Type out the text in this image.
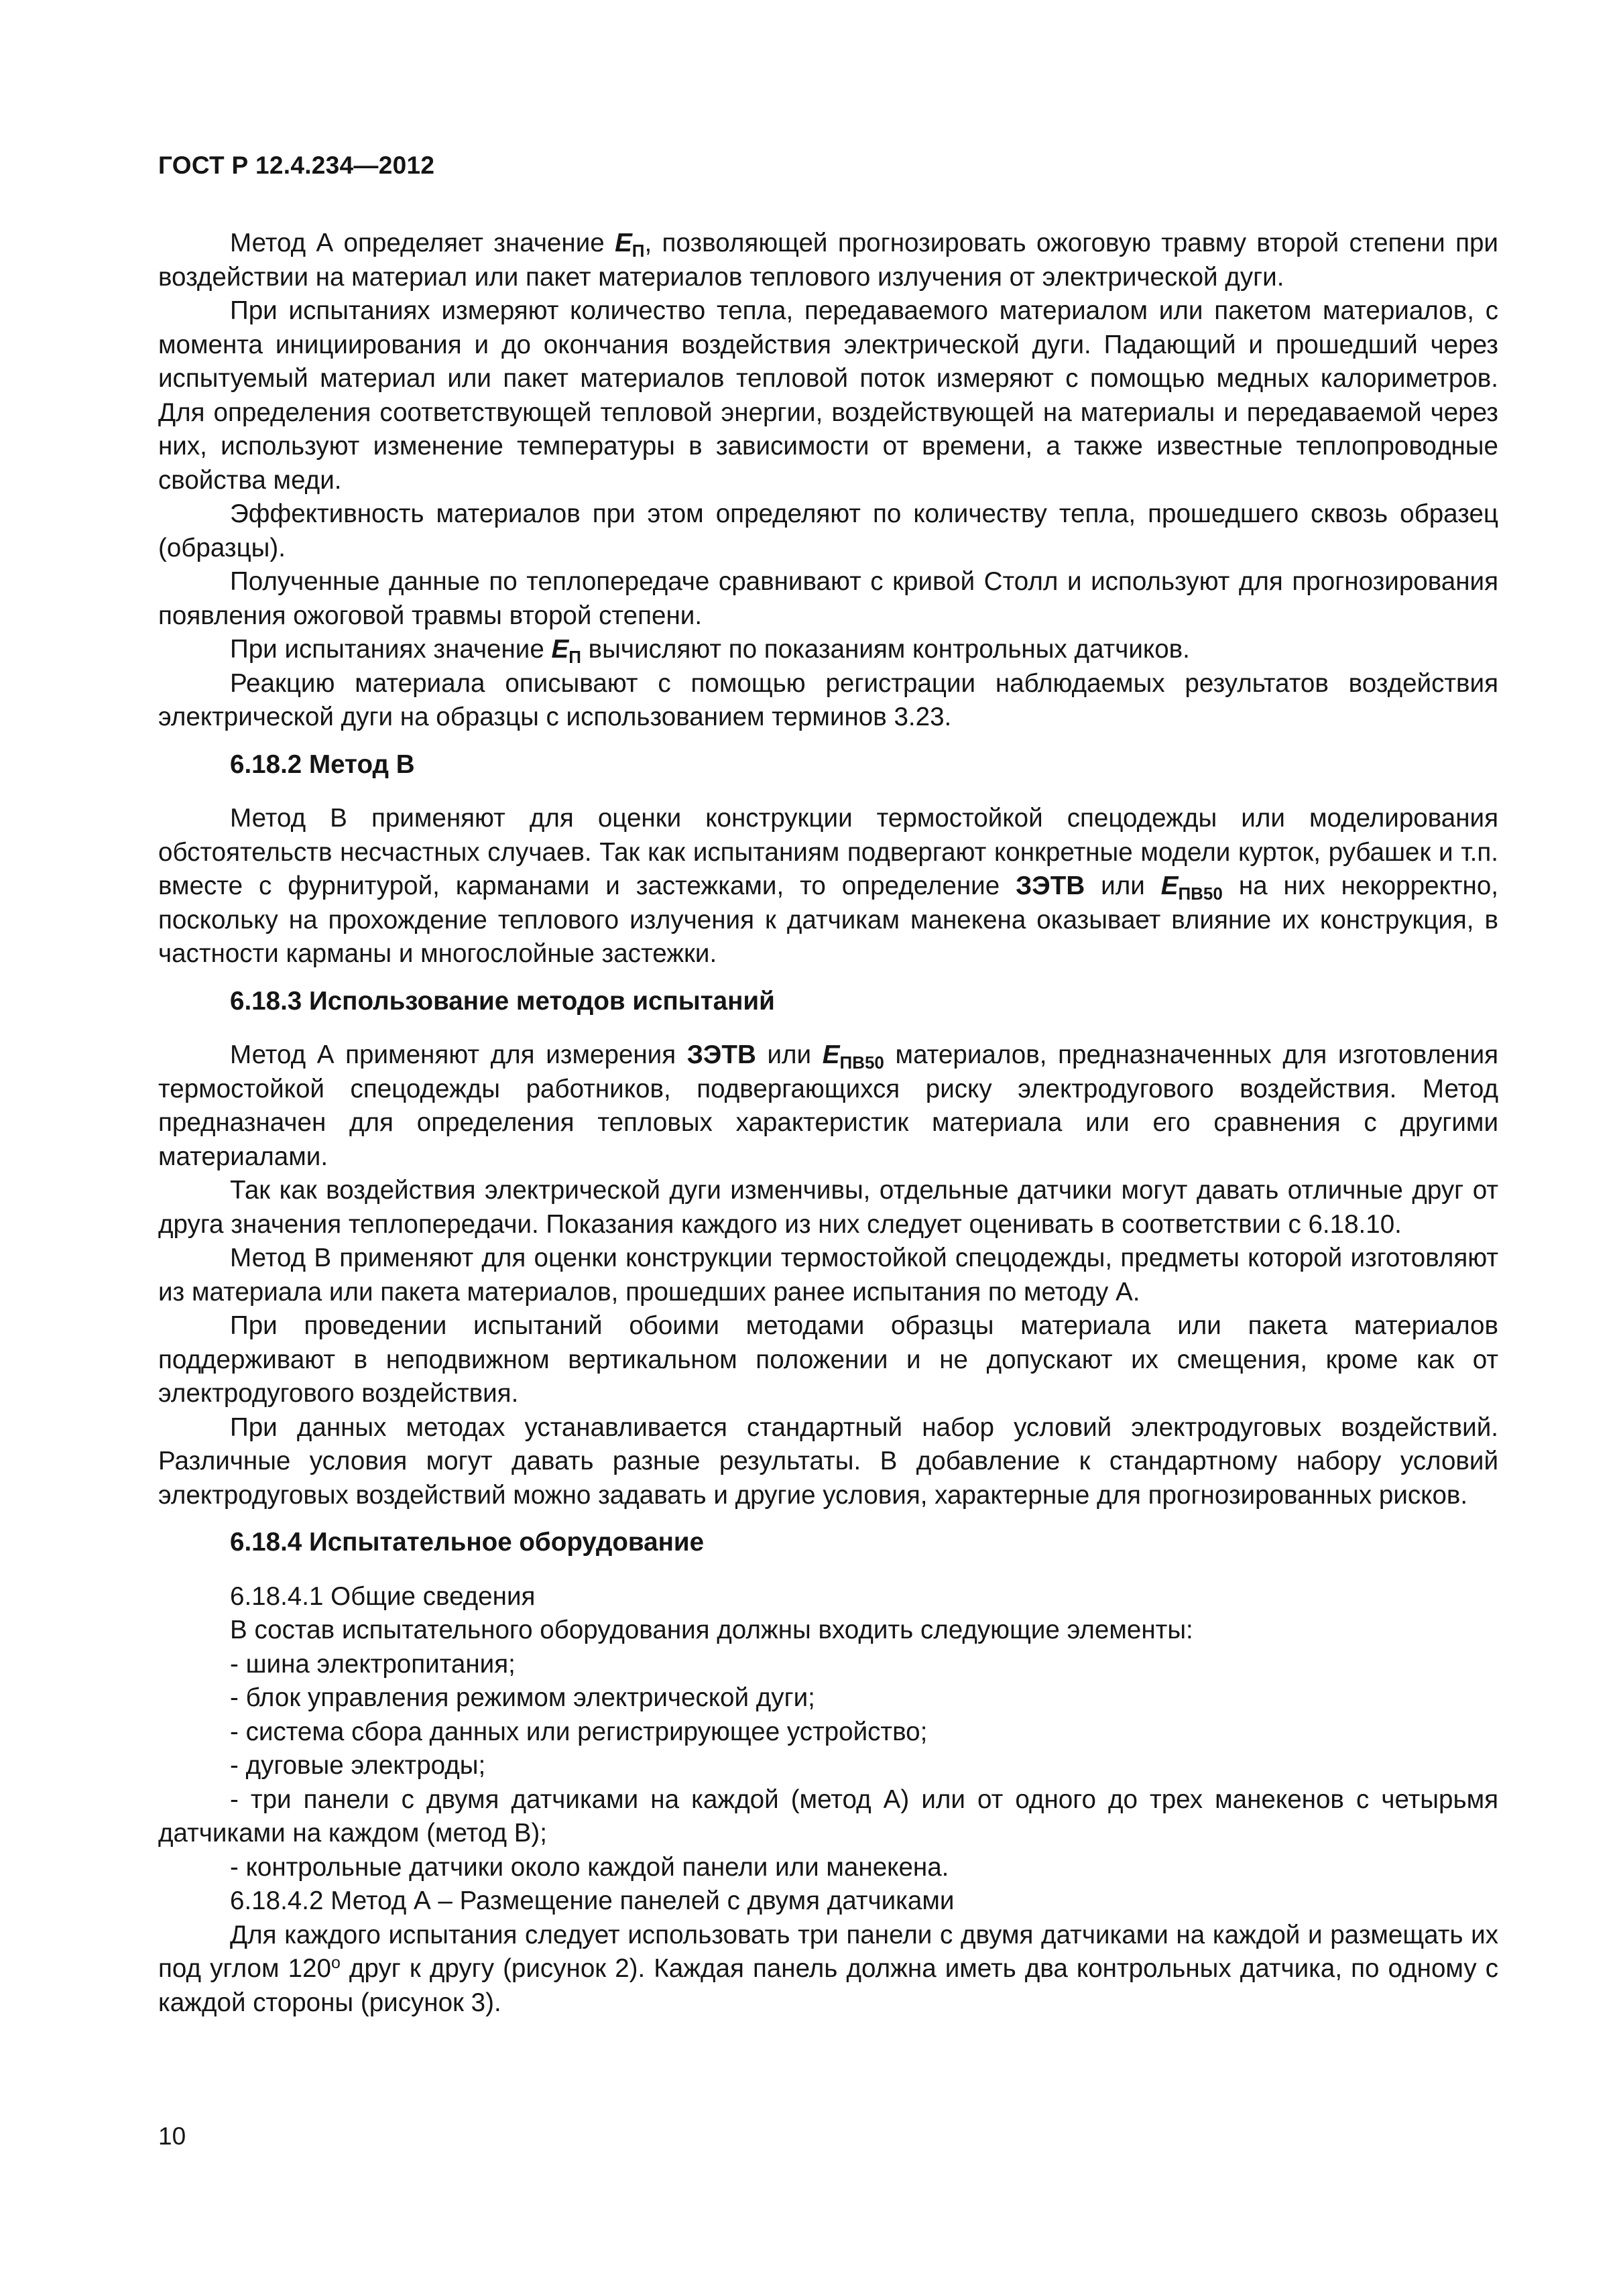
ГОСТ Р 12.4.234—2012

Метод А определяет значение $E_П$, позволяющей прогнозировать ожоговую травму второй степени при воздействии на материал или пакет материалов теплового излучения от электрической дуги.

При испытаниях измеряют количество тепла, передаваемого материалом или пакетом материалов, с момента инициирования и до окончания воздействия электрической дуги. Падающий и прошедший через испытуемый материал или пакет материалов тепловой поток измеряют с помощью медных калориметров. Для определения соответствующей тепловой энергии, воздействующей на материалы и передаваемой через них, используют изменение температуры в зависимости от времени, а также известные теплопроводные свойства меди.

Эффективность материалов при этом определяют по количеству тепла, прошедшего сквозь образец (образцы).

Полученные данные по теплопередаче сравнивают с кривой Столл и используют для прогнозирования появления ожоговой травмы второй степени.

При испытаниях значение $E_П$ вычисляют по показаниям контрольных датчиков.

Реакцию материала описывают с помощью регистрации наблюдаемых результатов воздействия электрической дуги на образцы с использованием терминов 3.23.

6.18.2 Метод В

Метод В применяют для оценки конструкции термостойкой спецодежды или моделирования обстоятельств несчастных случаев. Так как испытаниям подвергают конкретные модели курток, рубашек и т.п. вместе с фурнитурой, карманами и застежками, то определение ЗЭТВ или $E_{ПВ50}$ на них некорректно, поскольку на прохождение теплового излучения к датчикам манекена оказывает влияние их конструкция, в частности карманы и многослойные застежки.

6.18.3 Использование методов испытаний

Метод А применяют для измерения ЗЭТВ или $E_{ПВ50}$ материалов, предназначенных для изготовления термостойкой спецодежды работников, подвергающихся риску электродугового воздействия. Метод предназначен для определения тепловых характеристик материала или его сравнения с другими материалами.

Так как воздействия электрической дуги изменчивы, отдельные датчики могут давать отличные друг от друга значения теплопередачи. Показания каждого из них следует оценивать в соответствии с 6.18.10.

Метод В применяют для оценки конструкции термостойкой спецодежды, предметы которой изготовляют из материала или пакета материалов, прошедших ранее испытания по методу А.

При проведении испытаний обоими методами образцы материала или пакета материалов поддерживают в неподвижном вертикальном положении и не допускают их смещения, кроме как от электродугового воздействия.

При данных методах устанавливается стандартный набор условий электродуговых воздействий. Различные условия могут давать разные результаты. В добавление к стандартному набору условий электродуговых воздействий можно задавать и другие условия, характерные для прогнозированных рисков.

6.18.4 Испытательное оборудование

6.18.4.1 Общие сведения

В состав испытательного оборудования должны входить следующие элементы:

- шина электропитания;

- блок управления режимом электрической дуги;

- система сбора данных или регистрирующее устройство;

- дуговые электроды;

- три панели с двумя датчиками на каждой (метод А) или от одного до трех манекенов с четырьмя датчиками на каждом (метод В);

- контрольные датчики около каждой панели или манекена.

6.18.4.2 Метод А – Размещение панелей с двумя датчиками

Для каждого испытания следует использовать три панели с двумя датчиками на каждой и размещать их под углом $120^о$ друг к другу (рисунок 2). Каждая панель должна иметь два контрольных датчика, по одному с каждой стороны (рисунок 3).

10
